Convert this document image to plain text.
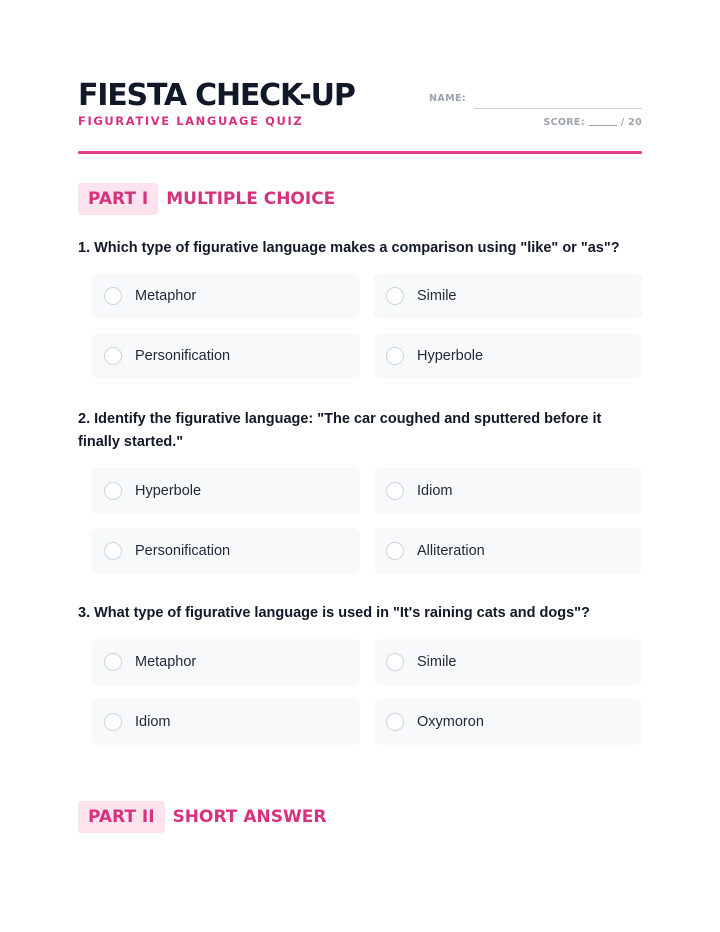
FIESTA CHECK-UP
FIGURATIVE LANGUAGE QUIZ
NAME:
SCORE:	/ 20
PART I	MULTIPLE CHOICE
1. Which type of figurative language makes a comparison using "like" or "as"?
Metaphor	Simile
Personification	Hyperbole
2. Identify the figurative language: "The car coughed and sputtered before it finally started."
Hyperbole	Idiom
Personification	Alliteration
3. What type of figurative language is used in "It's raining cats and dogs"?
Metaphor	Simile
Idiom	Oxymoron
PART II	SHORT ANSWER
